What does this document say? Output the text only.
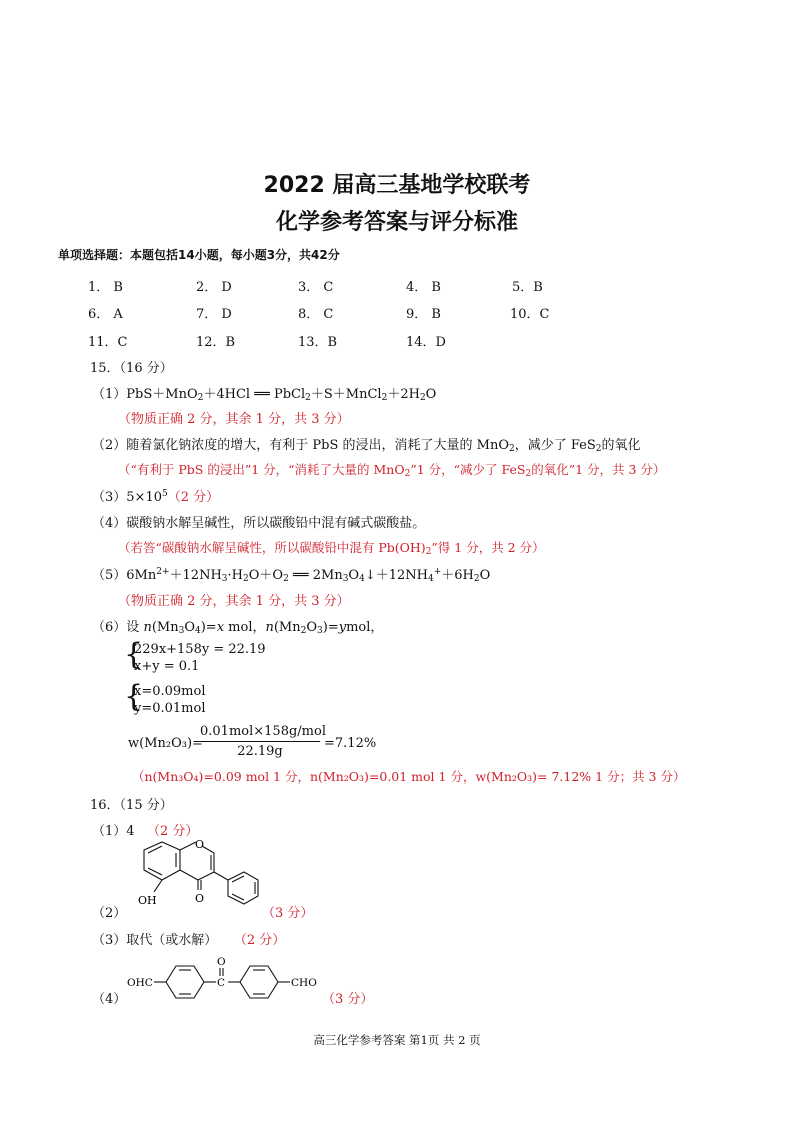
2022 届高三基地学校联考
化学参考答案与评分标准
单项选择题：本题包括14小题，每小题3分，共42分
1． B	2． D	3． C	4． B	5．B
6． A	7． D	8． C	9． B	10．C
11．C	12．B	13．B	14．D
15．（16 分）
（1）PbS＋MnO$_2$＋4HCl ══ $PbCl_2+S+MnCl_2+2H_2O$
（物质正确 2 分，其余 1 分，共 3 分）
（2）随着氯化钠浓度的增大，有利于 PbS 的浸出，消耗了大量的 MnO$_2$，减少了 FeS$_2$的氧化
（“有利于 PbS 的浸出”1 分，“消耗了大量的 MnO$_2$”1 分，“减少了 FeS$_2$的氧化”1 分，共 3 分）
$(3)5\times 10^5(2$ 分）
（4）碳酸钠水解呈碱性，所以碳酸铅中混有碱式碳酸盐。
（若答“碳酸钠水解呈碱性，所以碳酸铅中混有 $Pb(OH)_2$”得 1 分，共 2 分）
$(5)6Mn^{2+}+12NH_3\cdot H_2O+O_2$ ══ $2Mn_3O_4↓+12NH_4^++6H_2O$
（物质正确 2 分，其余 1 分，共 3 分）
（6）设 $n(Mn_3O_4)=x$ mol，$n(Mn_2O_3)=ymol$，
{
229x+158y = 22.19
x+y = 0.1
{
x=0.09mol
y=0.01mol
w(Mn₂O₃)=
0.01mol×158g/mol
22.19g
=7.12%
（n(Mn₃O₄)=0.09 mol 1 分，n(Mn₂O₃)=0.01 mol 1 分，w(Mn₂O₃)= 7.12% 1 分；共 3 分）
16．（15 分）
（1）4 （2 分）
O
O
OH
（2）	（3 分）
（3）取代（或水解） （2 分）
OHC	C
O
CHO
（4）	（3 分）
高三化学参考答案 第1页 共 2 页
